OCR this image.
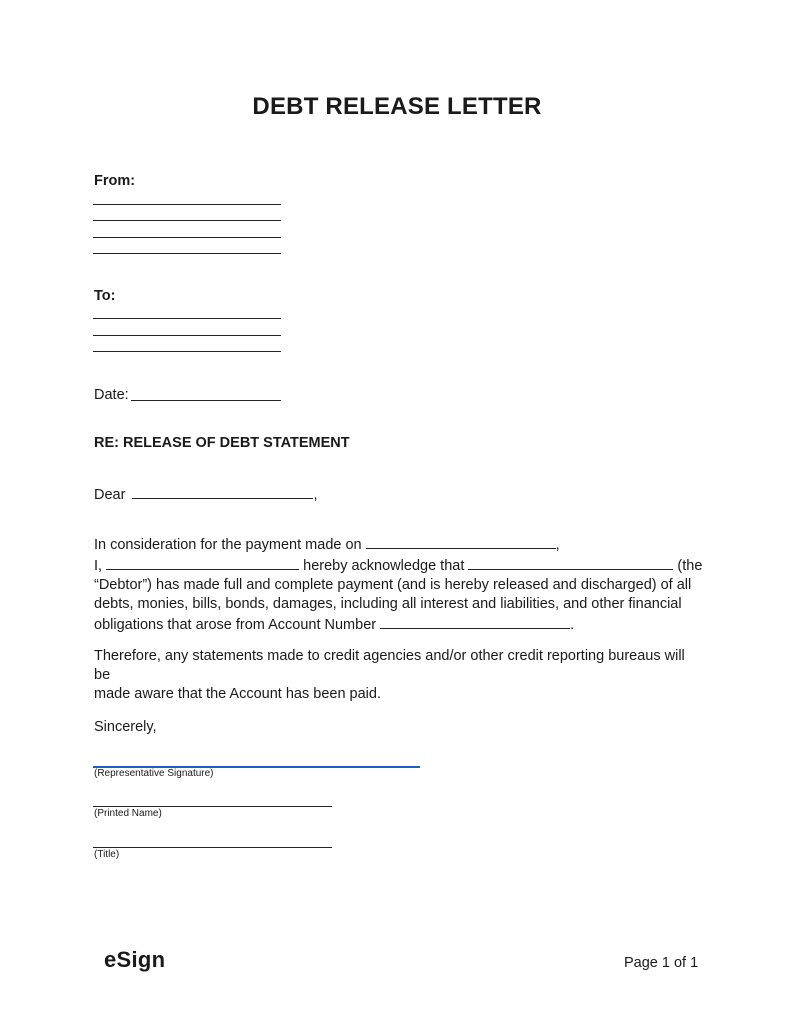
DEBT RELEASE LETTER
From:
To:
Date:
RE: RELEASE OF DEBT STATEMENT
Dear	,
In consideration for the payment made on	,
I,	hereby acknowledge that	(the
“Debtor”) has made full and complete payment (and is hereby released and discharged) of all
debts, monies, bills, bonds, damages, including all interest and liabilities, and other financial
obligations that arose from Account Number	.
Therefore, any statements made to credit agencies and/or other credit reporting bureaus will be
made aware that the Account has been paid.
Sincerely,
(Representative Signature)
(Printed Name)
(Title)
eSign	Page 1 of 1
